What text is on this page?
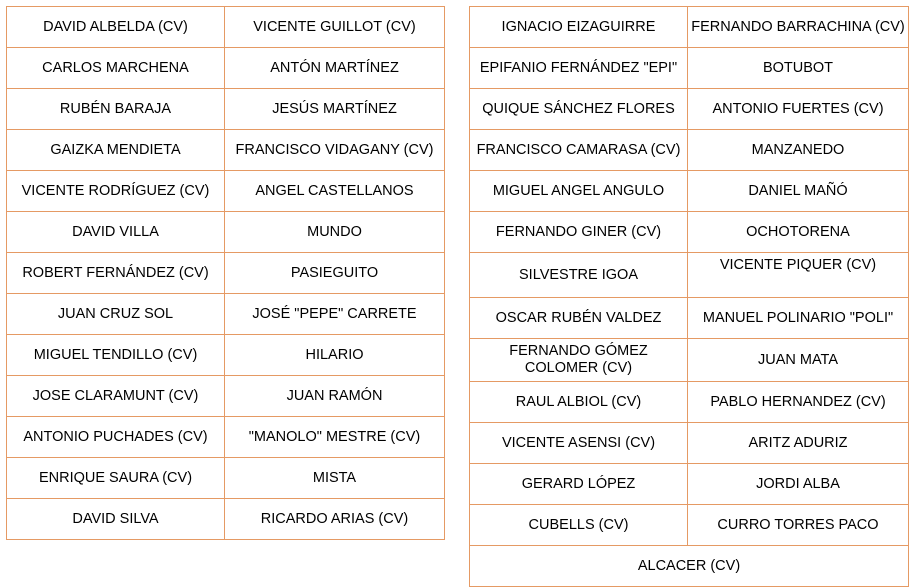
DAVID ALBELDA (CV)	VICENTE GUILLOT (CV)
CARLOS MARCHENA	ANTÓN MARTÍNEZ
RUBÉN BARAJA	JESÚS MARTÍNEZ
GAIZKA MENDIETA	FRANCISCO VIDAGANY (CV)
VICENTE RODRÍGUEZ (CV)	ANGEL CASTELLANOS
DAVID VILLA	MUNDO
ROBERT FERNÁNDEZ (CV)	PASIEGUITO
JUAN CRUZ SOL	JOSÉ "PEPE" CARRETE
MIGUEL TENDILLO (CV)	HILARIO
JOSE CLARAMUNT (CV)	JUAN RAMÓN
ANTONIO PUCHADES (CV)	"MANOLO" MESTRE (CV)
ENRIQUE SAURA (CV)	MISTA
DAVID SILVA	RICARDO ARIAS (CV)
IGNACIO EIZAGUIRRE	FERNANDO BARRACHINA (CV)
EPIFANIO FERNÁNDEZ "EPI"	BOTUBOT
QUIQUE SÁNCHEZ FLORES	ANTONIO FUERTES (CV)
FRANCISCO CAMARASA (CV)	MANZANEDO
MIGUEL ANGEL ANGULO	DANIEL MAÑÓ
FERNANDO GINER (CV)	OCHOTORENA
SILVESTRE IGOA	VICENTE PIQUER (CV)
OSCAR RUBÉN VALDEZ	MANUEL POLINARIO "POLI"
FERNANDO GÓMEZ COLOMER (CV)	JUAN MATA
RAUL ALBIOL (CV)	PABLO HERNANDEZ (CV)
VICENTE ASENSI (CV)	ARITZ ADURIZ
GERARD LÓPEZ	JORDI ALBA
CUBELLS (CV)	CURRO TORRES PACO
ALCACER (CV)	
